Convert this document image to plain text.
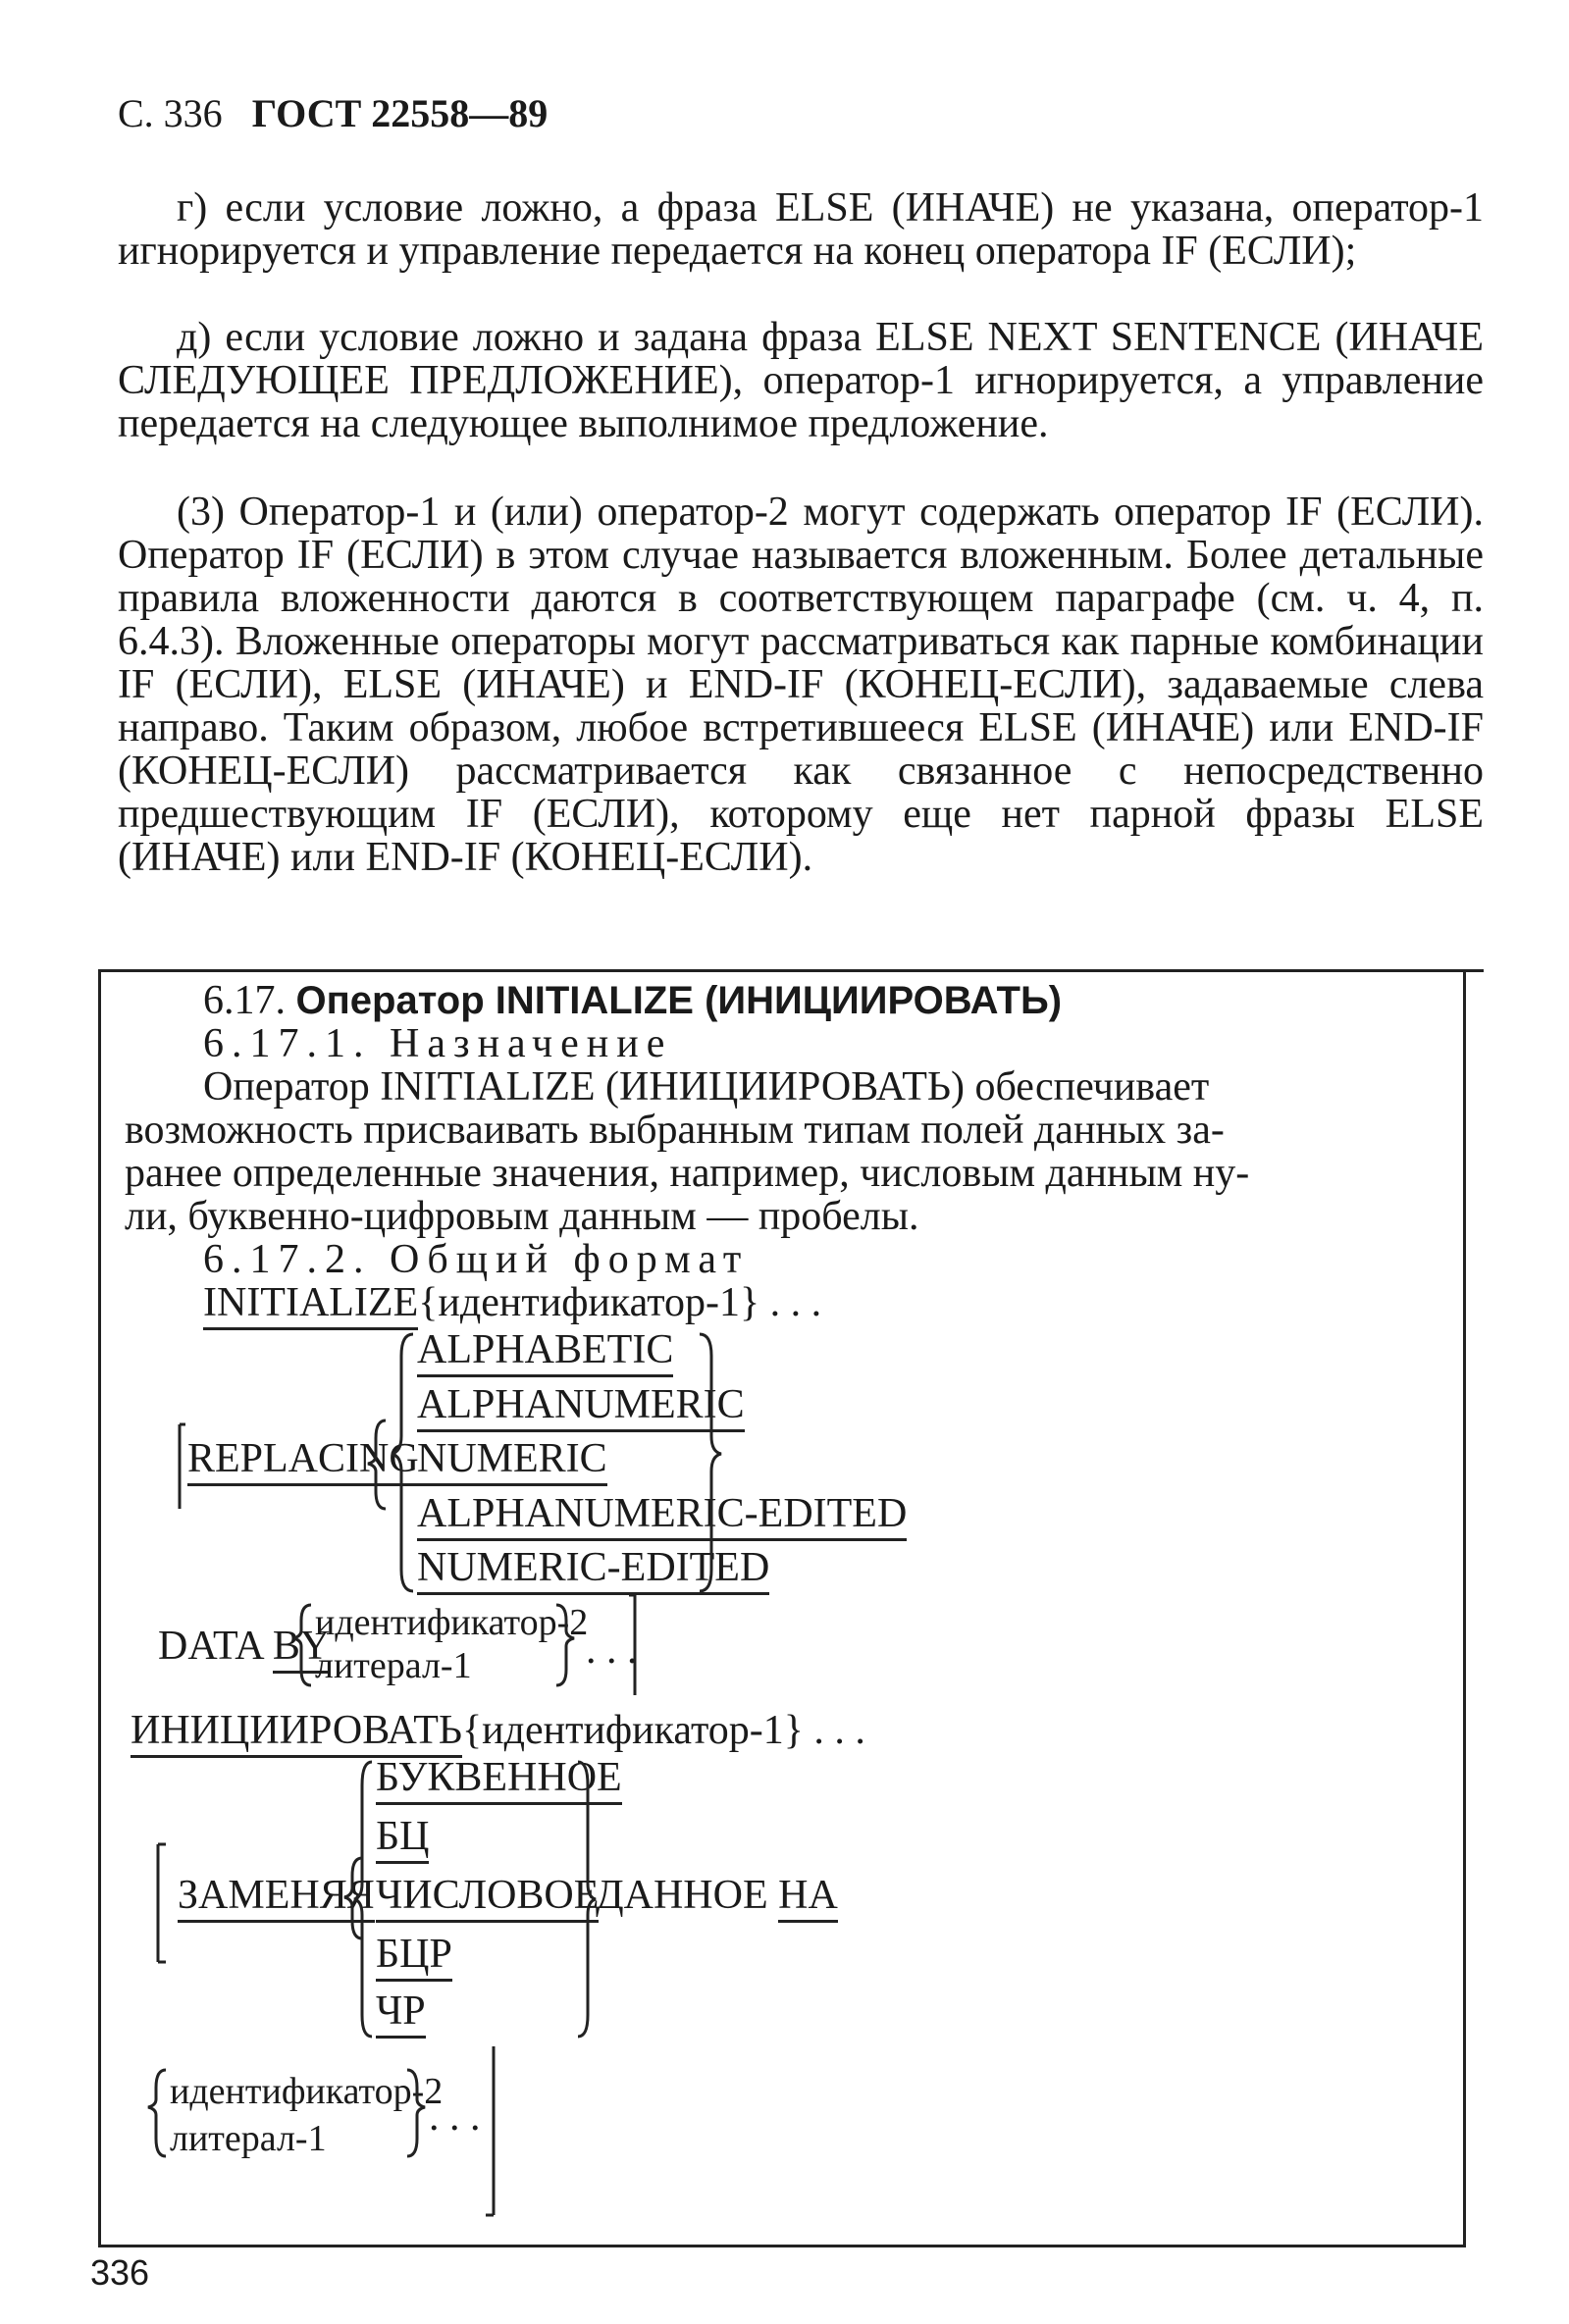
С. 336 ГОСТ 22558—89

г) если условие ложно, а фраза ELSE (ИНАЧЕ) не указана, оператор-1 игнорируется и управление передается на конец оператора IF (ЕСЛИ);

д) если условие ложно и задана фраза ELSE NEXT SENTENCE (ИНАЧЕ СЛЕДУЮЩЕЕ ПРЕДЛОЖЕНИЕ), оператор-1 игнорируется, а управление передается на следующее выполнимое предложение.

(3) Оператор-1 и (или) оператор-2 могут содержать оператор IF (ЕСЛИ). Оператор IF (ЕСЛИ) в этом случае называется вложенным. Более детальные правила вложенности даются в соответствующем параграфе (см. ч. 4, п. 6.4.3). Вложенные операторы могут рассматриваться как парные комбинации IF (ЕСЛИ), ELSE (ИНАЧЕ) и END-IF (КОНЕЦ-ЕСЛИ), задаваемые слева направо. Таким образом, любое встретившееся ELSE (ИНАЧЕ) или END-IF (КОНЕЦ-ЕСЛИ) рассматривается как связанное с непосредственно предшествующим IF (ЕСЛИ), которому еще нет парной фразы ELSE (ИНАЧЕ) или END-IF (КОНЕЦ-ЕСЛИ).

6.17. Оператор INITIALIZE (ИНИЦИИРОВАТЬ)
6.17.1. Назначение
Оператор INITIALIZE (ИНИЦИИРОВАТЬ) обеспечивает
возможность присваивать выбранным типам полей данных за-
ранее определенные значения, например, числовым данным ну-
ли, буквенно-цифровым данным — пробелы.
6.17.2. Общий формат
INITIALIZE{идентификатор-1} . . .
REPLACING
ALPHABETIC
ALPHANUMERIC
NUMERIC
ALPHANUMERIC-EDITED
NUMERIC-EDITED
DATA BY
идентификатор-2
литерал-1	. . .
ИНИЦИИРОВАТЬ{идентификатор-1} . . .
ЗАМЕНЯЯ
БУКВЕННОЕ
БЦ
ЧИСЛОВОЕ
БЦР
ЧР
ДАННОЕ НА
идентификатор-2
литерал-1 . . .
336
